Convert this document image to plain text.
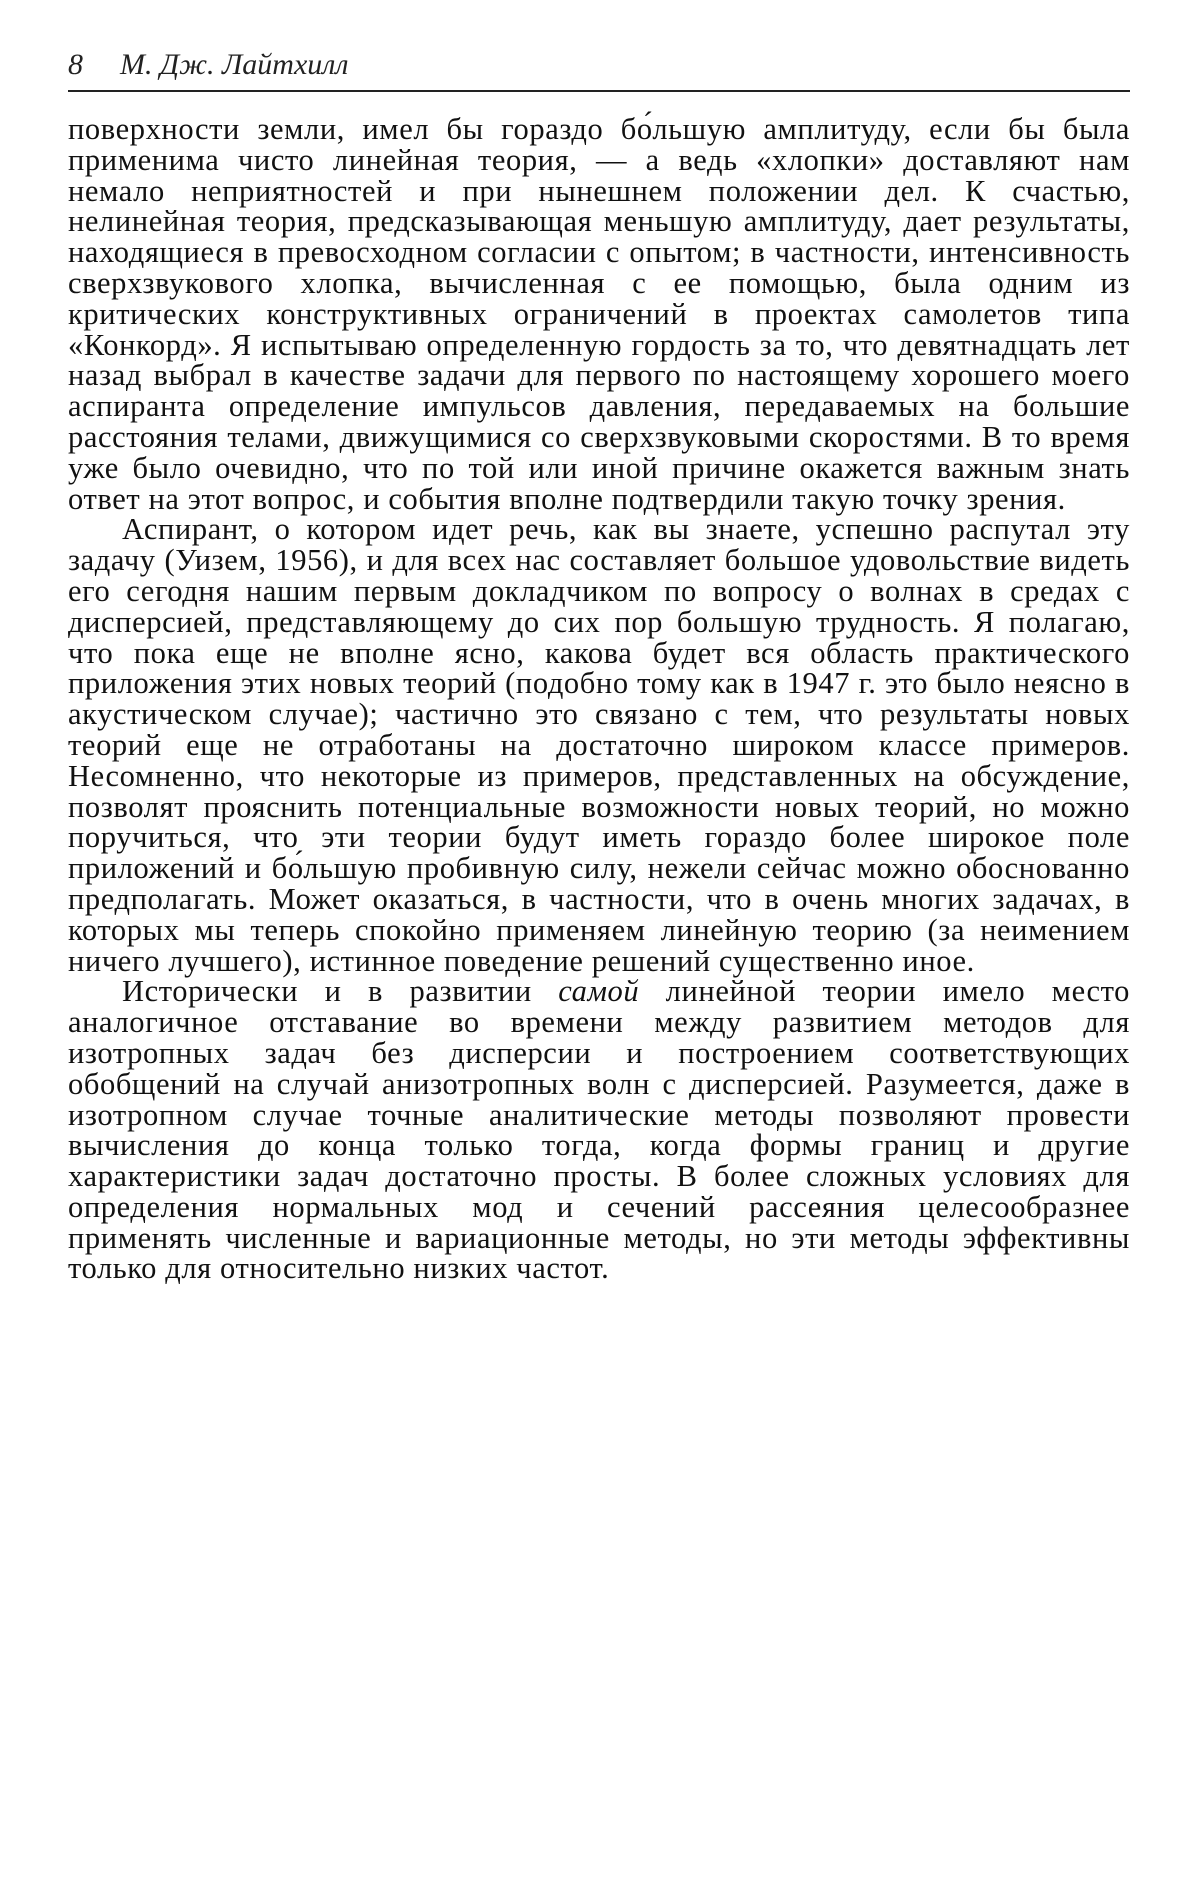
8	М. Дж. Лайтхилл

поверхности земли, имел бы гораздо бо́льшую амплитуду, если бы была применима чисто линейная теория, — а ведь «хлопки» доставляют нам немало неприятностей и при нынешнем положении дел. К счастью, нелинейная теория, предсказывающая меньшую амплитуду, дает результаты, находящиеся в превосходном согласии с опытом; в частности, интенсивность сверхзвукового хлопка, вычисленная с ее помощью, была одним из критических конструктивных ограничений в проектах самолетов типа «Конкорд». Я испытываю определенную гордость за то, что девятнадцать лет назад выбрал в качестве задачи для первого по настоящему хорошего моего аспиранта определение импульсов давления, передаваемых на большие расстояния телами, движущимися со сверхзвуковыми скоростями. В то время уже было очевидно, что по той или иной причине окажется важным знать ответ на этот вопрос, и события вполне подтвердили такую точку зрения.

Аспирант, о котором идет речь, как вы знаете, успешно распутал эту задачу (Уизем, 1956), и для всех нас составляет большое удовольствие видеть его сегодня нашим первым докладчиком по вопросу о волнах в средах с дисперсией, представляющему до сих пор большую трудность. Я полагаю, что пока еще не вполне ясно, какова будет вся область практического приложения этих новых теорий (подобно тому как в 1947 г. это было неясно в акустическом случае); частично это связано с тем, что результаты новых теорий еще не отработаны на достаточно широком классе примеров. Несомненно, что некоторые из примеров, представленных на обсуждение, позволят прояснить потенциальные возможности новых теорий, но можно поручиться, что эти теории будут иметь гораздо более широкое поле приложений и бо́льшую пробивную силу, нежели сейчас можно обоснованно предполагать. Может оказаться, в частности, что в очень многих задачах, в которых мы теперь спокойно применяем линейную теорию (за неимением ничего лучшего), истинное поведение решений существенно иное.

Исторически и в развитии самой линейной теории имело место аналогичное отставание во времени между развитием методов для изотропных задач без дисперсии и построением соответствующих обобщений на случай анизотропных волн с дисперсией. Разумеется, даже в изотропном случае точные аналитические методы позволяют провести вычисления до конца только тогда, когда формы границ и другие характеристики задач достаточно просты. В более сложных условиях для определения нормальных мод и сечений рассеяния целесообразнее применять численные и вариационные методы, но эти методы эффективны только для относительно низких частот.
